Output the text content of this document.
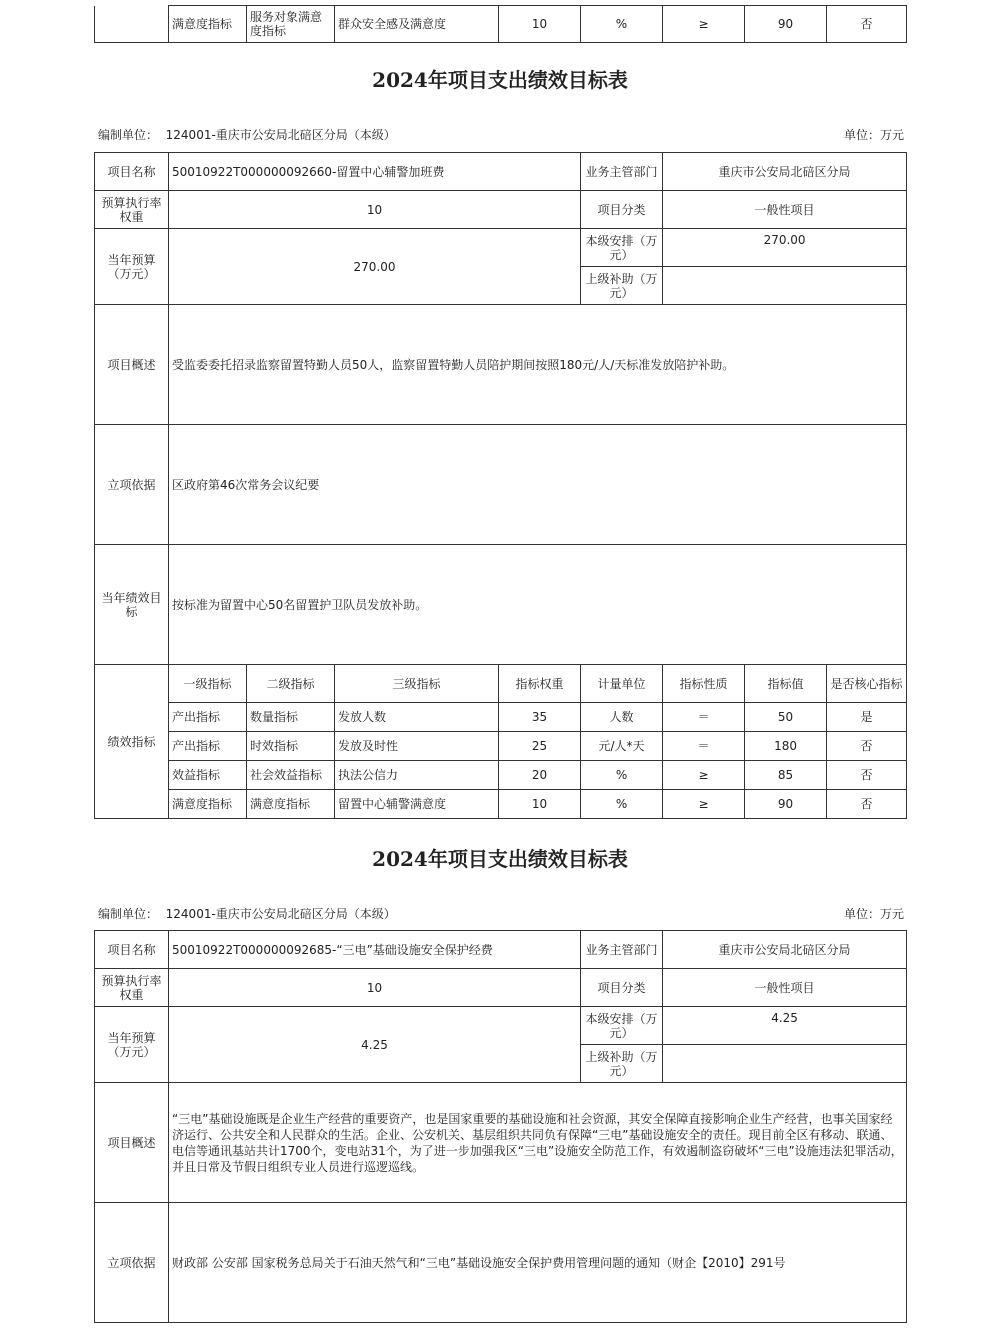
	满意度指标	服务对象满意度指标	群众安全感及满意度	10	%	≥	90	否
2024年项目支出绩效目标表
编制单位： 124001-重庆市公安局北碚区分局（本级）	单位：万元
项目名称	50010922T000000092660-留置中心辅警加班费				业务主管部门	重庆市公安局北碚区分局		
预算执行率权重	10				项目分类	一般性项目		
当年预算（万元）	270.00				本级安排（万元）	270.00		
					上级补助（万元）			
项目概述	受监委委托招录监察留置特勤人员50人，监察留置特勤人员陪护期间按照180元/人/天标准发放陪护补助。							
立项依据	区政府第46次常务会议纪要							
当年绩效目标	按标准为留置中心50名留置护卫队员发放补助。							
绩效指标	一级指标	二级指标	三级指标	指标权重	计量单位	指标性质	指标值	是否核心指标
	产出指标	数量指标	发放人数	35	人数	＝	50	是
	产出指标	时效指标	发放及时性	25	元/人*天	＝	180	否
	效益指标	社会效益指标	执法公信力	20	%	≥	85	否
	满意度指标	满意度指标	留置中心辅警满意度	10	%	≥	90	否
2024年项目支出绩效目标表
编制单位： 124001-重庆市公安局北碚区分局（本级）	单位：万元
项目名称	50010922T000000092685-“三电”基础设施安全保护经费	业务主管部门	重庆市公安局北碚区分局
预算执行率权重	10	项目分类	一般性项目
当年预算（万元）	4.25	本级安排（万元）	4.25
		上级补助（万元）	
项目概述	“三电”基础设施既是企业生产经营的重要资产，也是国家重要的基础设施和社会资源，其安全保障直接影响企业生产经营，也事关国家经济运行、公共安全和人民群众的生活。企业、公安机关、基层组织共同负有保障“三电”基础设施安全的责任。现目前全区有移动、联通、电信等通讯基站共计1700个，变电站31个，为了进一步加强我区“三电”设施安全防范工作，有效遏制盗窃破坏“三电”设施违法犯罪活动，并且日常及节假日组织专业人员进行巡逻巡线。		
立项依据	财政部 公安部 国家税务总局关于石油天然气和“三电”基础设施安全保护费用管理问题的通知（财企【2010】291号		
